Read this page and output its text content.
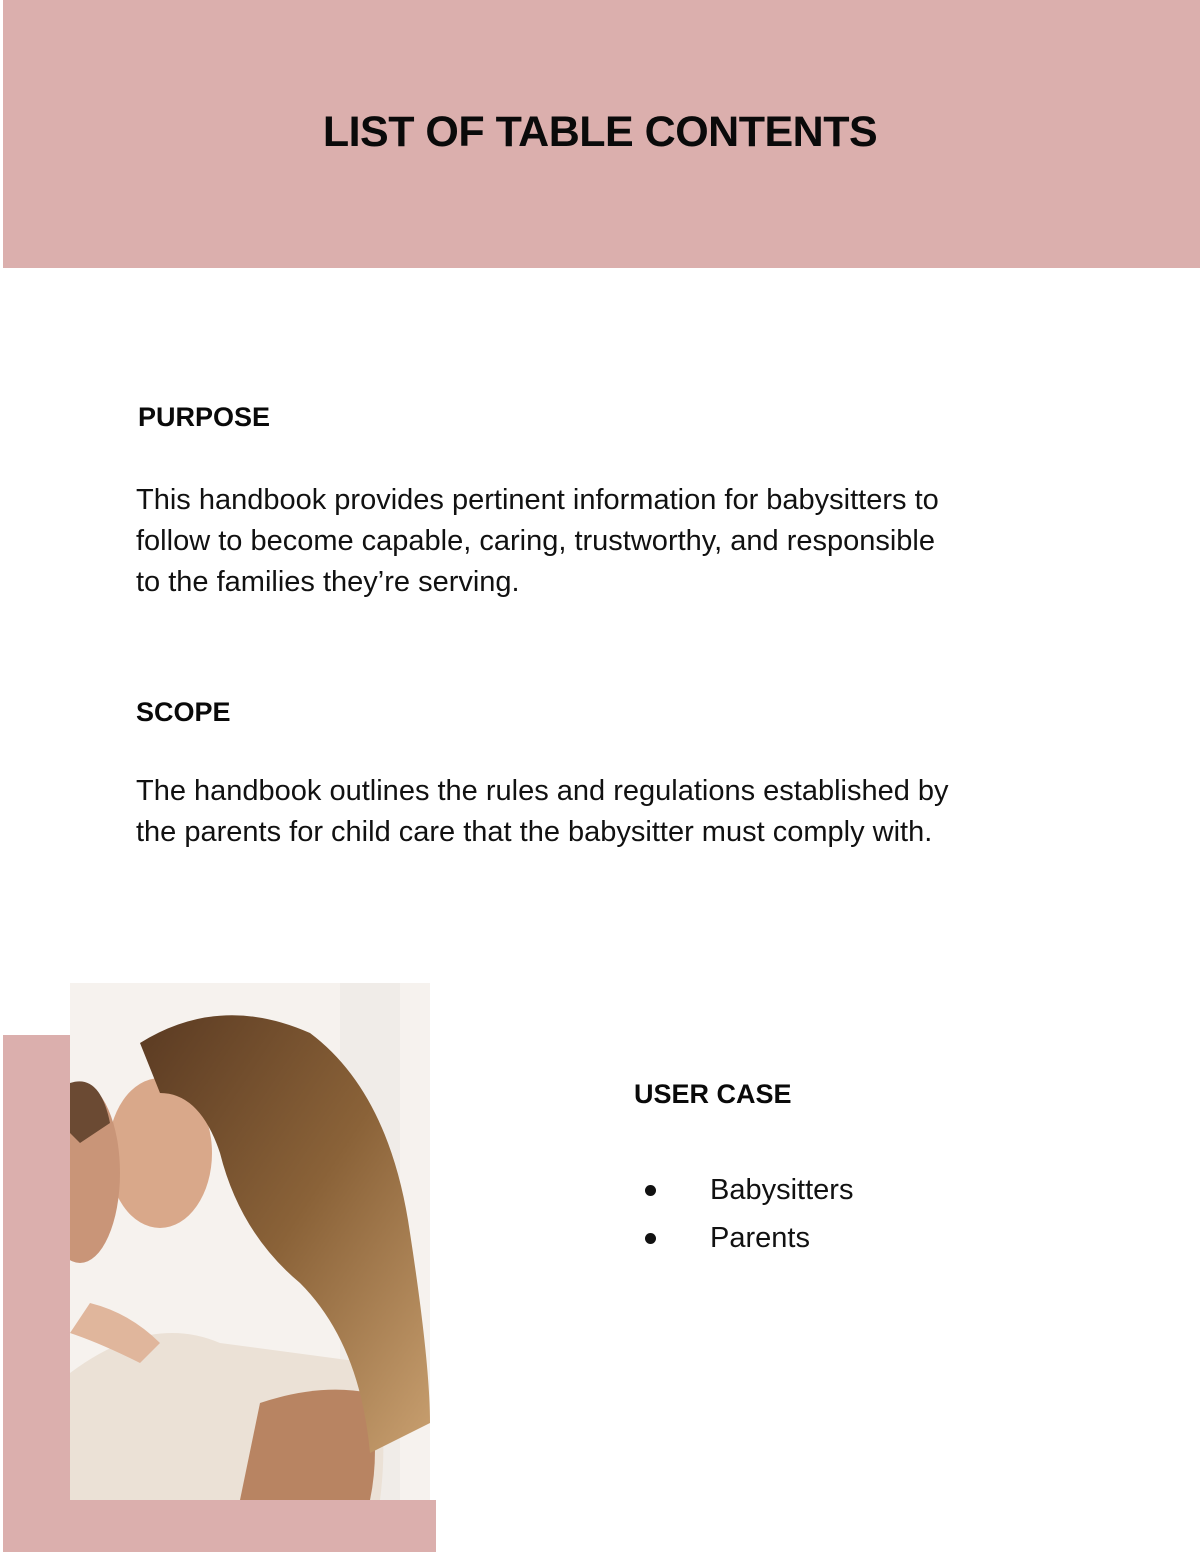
LIST OF TABLE CONTENTS
PURPOSE
This handbook provides pertinent information for babysitters to
follow to become capable, caring, trustworthy, and responsible
to the families they’re serving.
SCOPE
The handbook outlines the rules and regulations established by
the parents for child care that the babysitter must comply with.
USER CASE
Babysitters
Parents
